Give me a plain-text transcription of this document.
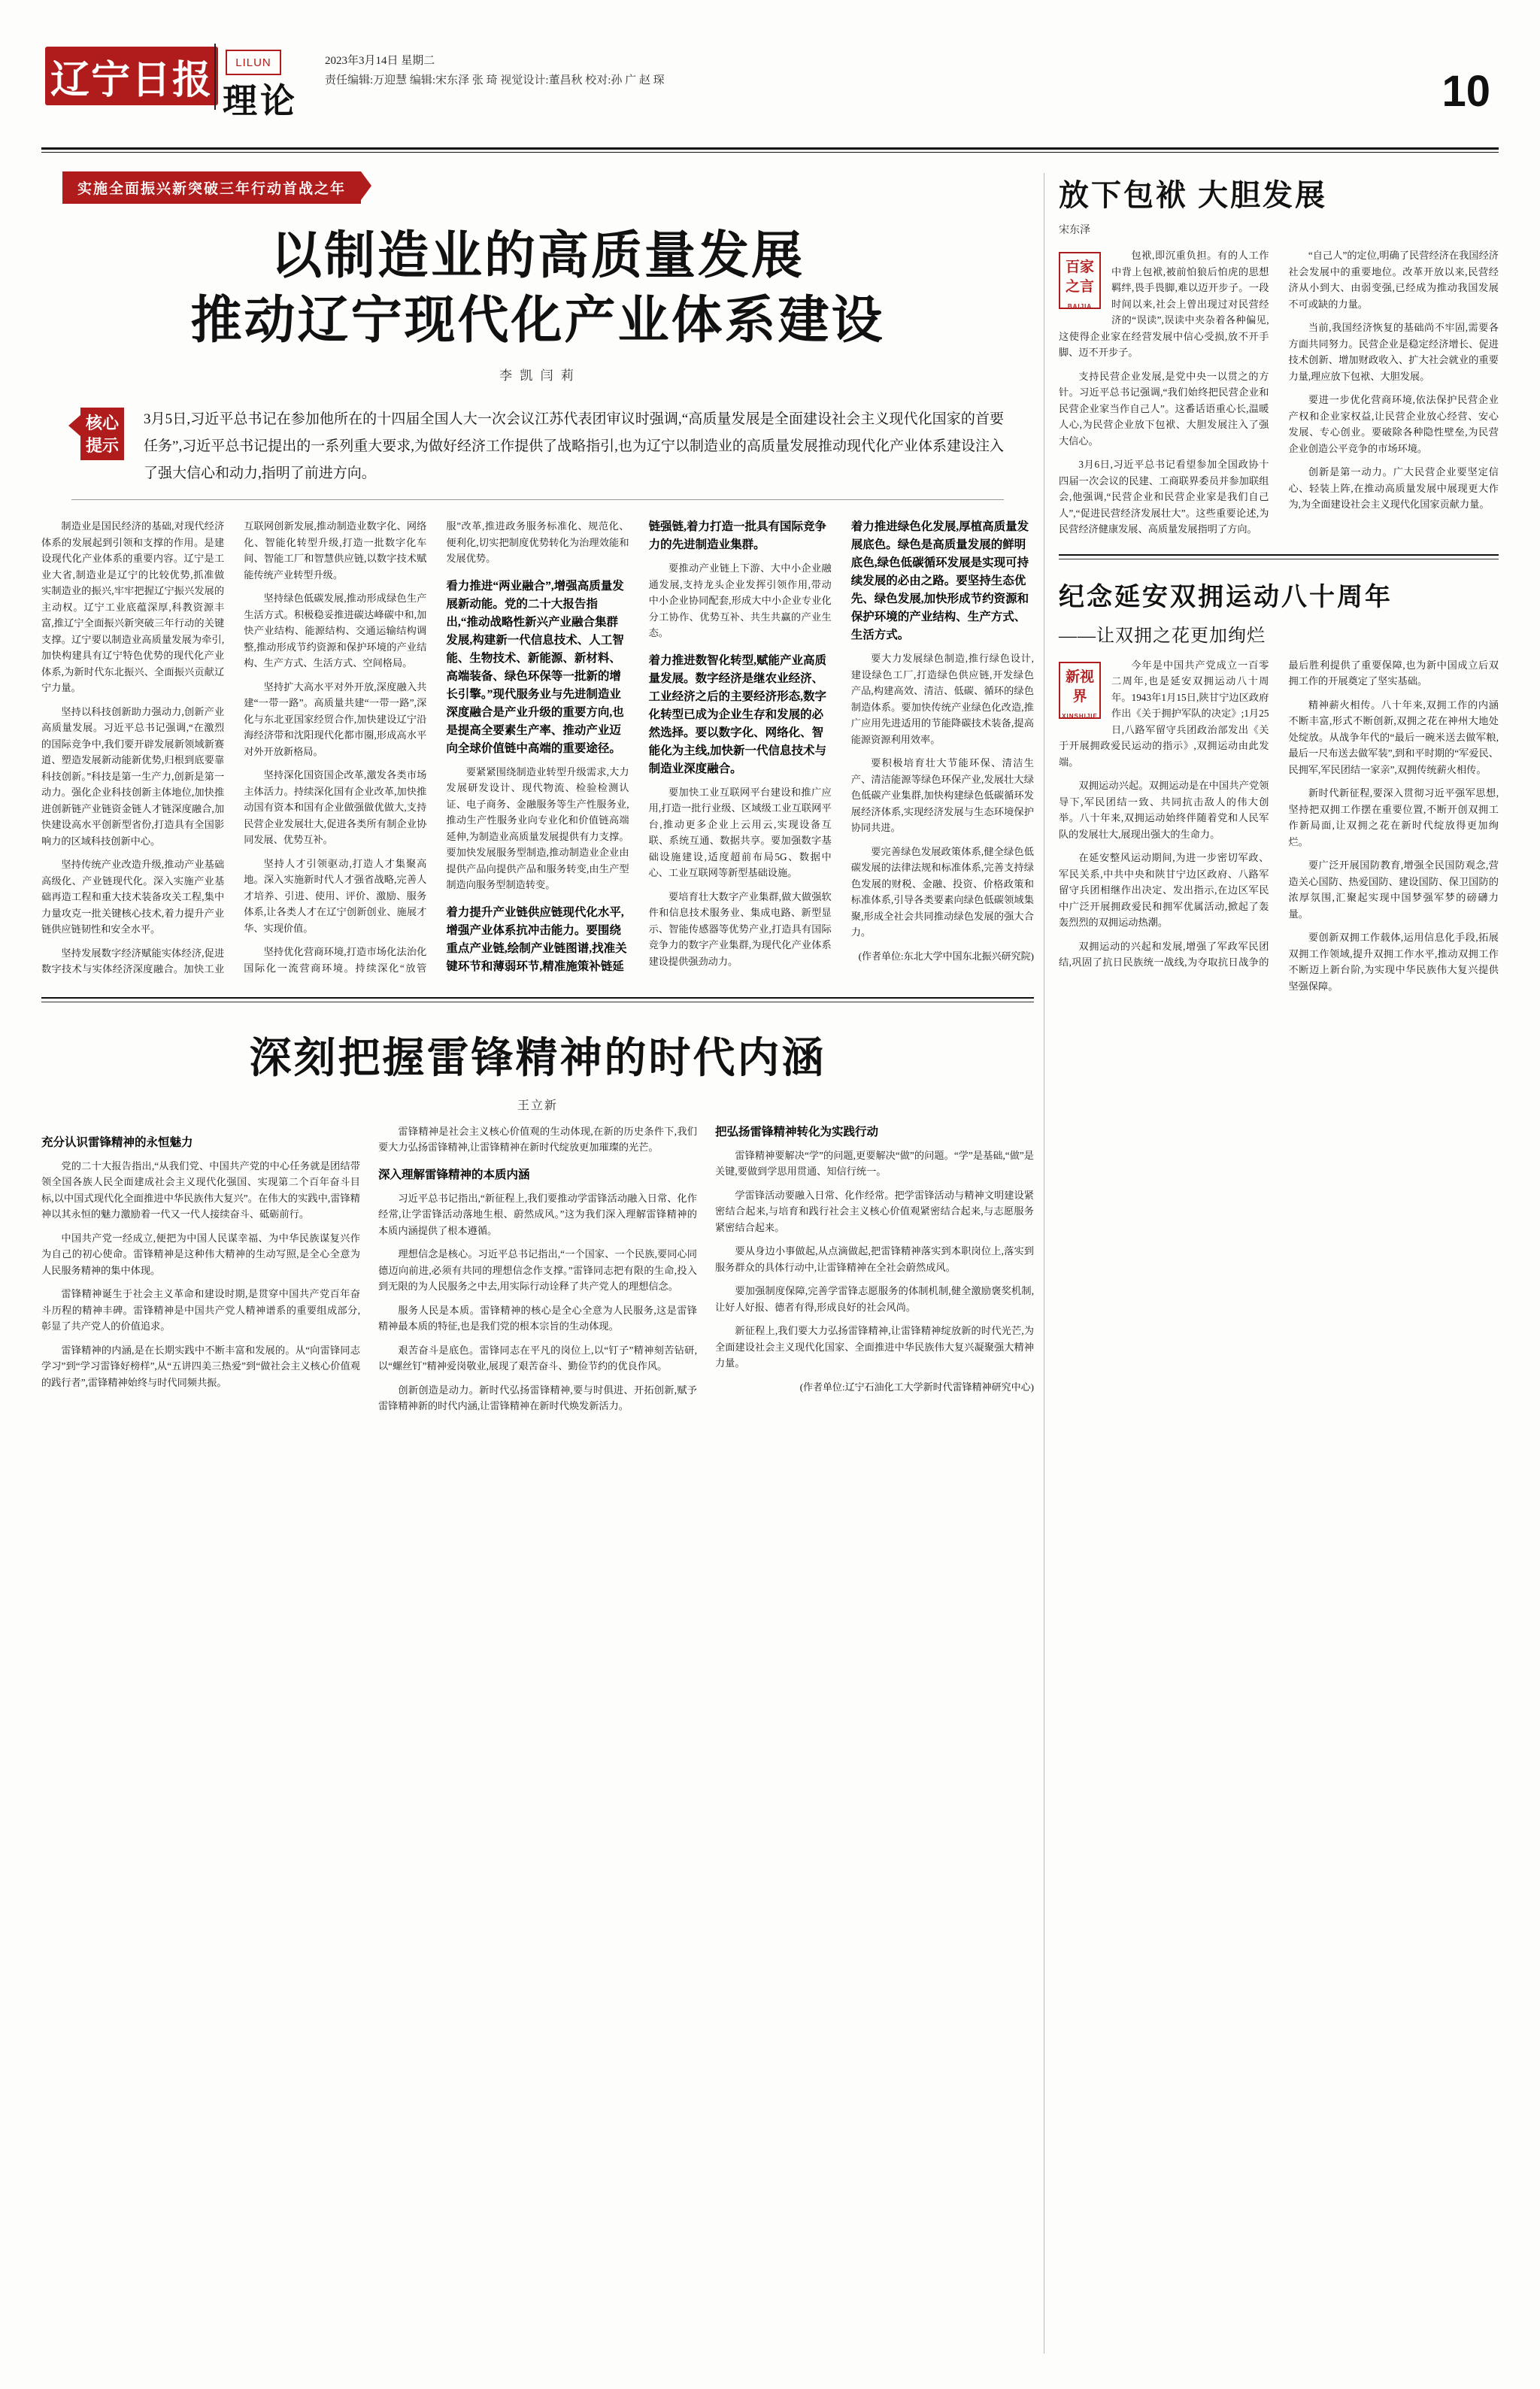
辽宁日报	LILUN
理论
2023年3月14日 星期二
责任编辑:万迎慧 编辑:宋东泽 张 琦 视觉设计:董昌秋 校对:孙 广 赵 琛	10
实施全面振兴新突破三年行动首战之年
以制造业的高质量发展
推动辽宁现代化产业体系建设
李 凯 闫 莉
核心提示

3月5日,习近平总书记在参加他所在的十四届全国人大一次会议江苏代表团审议时强调,“高质量发展是全面建设社会主义现代化国家的首要任务”,习近平总书记提出的一系列重大要求,为做好经济工作提供了战略指引,也为辽宁以制造业的高质量发展推动现代化产业体系建设注入了强大信心和动力,指明了前进方向。

制造业是国民经济的基础,对现代经济体系的发展起到引领和支撑的作用。是建设现代化产业体系的重要内容。辽宁是工业大省,制造业是辽宁的比较优势,抓准做实制造业的振兴,牢牢把握辽宁振兴发展的主动权。辽宁工业底蕴深厚,科教资源丰富,推辽宁全面振兴新突破三年行动的关键支撑。辽宁要以制造业高质量发展为牵引,加快构建具有辽宁特色优势的现代化产业体系,为新时代东北振兴、全面振兴贡献辽宁力量。

坚持以科技创新助力强动力,创新产业高质量发展。习近平总书记强调,“在激烈的国际竞争中,我们要开辟发展新领域新赛道、塑造发展新动能新优势,归根到底要靠科技创新。”科技是第一生产力,创新是第一动力。强化企业科技创新主体地位,加快推进创新链产业链资金链人才链深度融合,加快建设高水平创新型省份,打造具有全国影响力的区域科技创新中心。

坚持传统产业改造升级,推动产业基础高级化、产业链现代化。深入实施产业基础再造工程和重大技术装备攻关工程,集中力量攻克一批关键核心技术,着力提升产业链供应链韧性和安全水平。

坚持发展数字经济赋能实体经济,促进数字技术与实体经济深度融合。加快工业互联网创新发展,推动制造业数字化、网络化、智能化转型升级,打造一批数字化车间、智能工厂和智慧供应链,以数字技术赋能传统产业转型升级。

坚持绿色低碳发展,推动形成绿色生产生活方式。积极稳妥推进碳达峰碳中和,加快产业结构、能源结构、交通运输结构调整,推动形成节约资源和保护环境的产业结构、生产方式、生活方式、空间格局。

坚持扩大高水平对外开放,深度融入共建“一带一路”。高质量共建“一带一路”,深化与东北亚国家经贸合作,加快建设辽宁沿海经济带和沈阳现代化都市圈,形成高水平对外开放新格局。

坚持深化国资国企改革,激发各类市场主体活力。持续深化国有企业改革,加快推动国有资本和国有企业做强做优做大,支持民营企业发展壮大,促进各类所有制企业协同发展、优势互补。

坚持人才引领驱动,打造人才集聚高地。深入实施新时代人才强省战略,完善人才培养、引进、使用、评价、激励、服务体系,让各类人才在辽宁创新创业、施展才华、实现价值。

坚持优化营商环境,打造市场化法治化国际化一流营商环境。持续深化“放管服”改革,推进政务服务标准化、规范化、便利化,切实把制度优势转化为治理效能和发展优势。

看力推进“两业融合”,增强高质量发展新动能。党的二十大报告指出,“推动战略性新兴产业融合集群发展,构建新一代信息技术、人工智能、生物技术、新能源、新材料、高端装备、绿色环保等一批新的增长引擎。”现代服务业与先进制造业深度融合是产业升级的重要方向,也是提高全要素生产率、推动产业迈向全球价值链中高端的重要途径。

要紧紧围绕制造业转型升级需求,大力发展研发设计、现代物流、检验检测认证、电子商务、金融服务等生产性服务业,推动生产性服务业向专业化和价值链高端延伸,为制造业高质量发展提供有力支撑。要加快发展服务型制造,推动制造业企业由提供产品向提供产品和服务转变,由生产型制造向服务型制造转变。

着力提升产业链供应链现代化水平,增强产业体系抗冲击能力。要围绕重点产业链,绘制产业链图谱,找准关键环节和薄弱环节,精准施策补链延链强链,着力打造一批具有国际竞争力的先进制造业集群。

要推动产业链上下游、大中小企业融通发展,支持龙头企业发挥引领作用,带动中小企业协同配套,形成大中小企业专业化分工协作、优势互补、共生共赢的产业生态。

着力推进数智化转型,赋能产业高质量发展。数字经济是继农业经济、工业经济之后的主要经济形态,数字化转型已成为企业生存和发展的必然选择。要以数字化、网络化、智能化为主线,加快新一代信息技术与制造业深度融合。

要加快工业互联网平台建设和推广应用,打造一批行业级、区域级工业互联网平台,推动更多企业上云用云,实现设备互联、系统互通、数据共享。要加强数字基础设施建设,适度超前布局5G、数据中心、工业互联网等新型基础设施。

要培育壮大数字产业集群,做大做强软件和信息技术服务业、集成电路、新型显示、智能传感器等优势产业,打造具有国际竞争力的数字产业集群,为现代化产业体系建设提供强劲动力。

着力推进绿色化发展,厚植高质量发展底色。绿色是高质量发展的鲜明底色,绿色低碳循环发展是实现可持续发展的必由之路。要坚持生态优先、绿色发展,加快形成节约资源和保护环境的产业结构、生产方式、生活方式。

要大力发展绿色制造,推行绿色设计,建设绿色工厂,打造绿色供应链,开发绿色产品,构建高效、清洁、低碳、循环的绿色制造体系。要加快传统产业绿色化改造,推广应用先进适用的节能降碳技术装备,提高能源资源利用效率。

要积极培育壮大节能环保、清洁生产、清洁能源等绿色环保产业,发展壮大绿色低碳产业集群,加快构建绿色低碳循环发展经济体系,实现经济发展与生态环境保护协同共进。

要完善绿色发展政策体系,健全绿色低碳发展的法律法规和标准体系,完善支持绿色发展的财税、金融、投资、价格政策和标准体系,引导各类要素向绿色低碳领域集聚,形成全社会共同推动绿色发展的强大合力。

(作者单位:东北大学中国东北振兴研究院)
深刻把握雷锋精神的时代内涵
王立新
充分认识雷锋精神的永恒魅力

党的二十大报告指出,“从我们党、中国共产党的中心任务就是团结带领全国各族人民全面建成社会主义现代化强国、实现第二个百年奋斗目标,以中国式现代化全面推进中华民族伟大复兴”。在伟大的实践中,雷锋精神以其永恒的魅力激励着一代又一代人接续奋斗、砥砺前行。

中国共产党一经成立,便把为中国人民谋幸福、为中华民族谋复兴作为自己的初心使命。雷锋精神是这种伟大精神的生动写照,是全心全意为人民服务精神的集中体现。

雷锋精神诞生于社会主义革命和建设时期,是贯穿中国共产党百年奋斗历程的精神丰碑。雷锋精神是中国共产党人精神谱系的重要组成部分,彰显了共产党人的价值追求。

雷锋精神的内涵,是在长期实践中不断丰富和发展的。从“向雷锋同志学习”到“学习雷锋好榜样”,从“五讲四美三热爱”到“做社会主义核心价值观的践行者”,雷锋精神始终与时代同频共振。

雷锋精神是社会主义核心价值观的生动体现,在新的历史条件下,我们要大力弘扬雷锋精神,让雷锋精神在新时代绽放更加璀璨的光芒。

深入理解雷锋精神的本质内涵

习近平总书记指出,“新征程上,我们要推动学雷锋活动融入日常、化作经常,让学雷锋活动落地生根、蔚然成风。”这为我们深入理解雷锋精神的本质内涵提供了根本遵循。

理想信念是核心。习近平总书记指出,“一个国家、一个民族,要同心同德迈向前进,必须有共同的理想信念作支撑。”雷锋同志把有限的生命,投入到无限的为人民服务之中去,用实际行动诠释了共产党人的理想信念。

服务人民是本质。雷锋精神的核心是全心全意为人民服务,这是雷锋精神最本质的特征,也是我们党的根本宗旨的生动体现。

艰苦奋斗是底色。雷锋同志在平凡的岗位上,以“钉子”精神刻苦钻研,以“螺丝钉”精神爱岗敬业,展现了艰苦奋斗、勤俭节约的优良作风。

创新创造是动力。新时代弘扬雷锋精神,要与时俱进、开拓创新,赋予雷锋精神新的时代内涵,让雷锋精神在新时代焕发新活力。

把弘扬雷锋精神转化为实践行动

雷锋精神要解决“学”的问题,更要解决“做”的问题。“学”是基础,“做”是关键,要做到学思用贯通、知信行统一。

学雷锋活动要融入日常、化作经常。把学雷锋活动与精神文明建设紧密结合起来,与培育和践行社会主义核心价值观紧密结合起来,与志愿服务紧密结合起来。

要从身边小事做起,从点滴做起,把雷锋精神落实到本职岗位上,落实到服务群众的具体行动中,让雷锋精神在全社会蔚然成风。

要加强制度保障,完善学雷锋志愿服务的体制机制,健全激励褒奖机制,让好人好报、德者有得,形成良好的社会风尚。

新征程上,我们要大力弘扬雷锋精神,让雷锋精神绽放新的时代光芒,为全面建设社会主义现代化国家、全面推进中华民族伟大复兴凝聚强大精神力量。

(作者单位:辽宁石油化工大学新时代雷锋精神研究中心)
放下包袱 大胆发展
宋东泽
百家之言
BAIJIA

包袱,即沉重负担。有的人工作中背上包袱,被前怕狼后怕虎的思想羁绊,畏手畏脚,难以迈开步子。一段时间以来,社会上曾出现过对民营经济的“误读”,误读中夹杂着各种偏见,这使得企业家在经营发展中信心受损,放不开手脚、迈不开步子。

支持民营企业发展,是党中央一以贯之的方针。习近平总书记强调,“我们始终把民营企业和民营企业家当作自己人”。这番话语重心长,温暖人心,为民营企业放下包袱、大胆发展注入了强大信心。

3月6日,习近平总书记看望参加全国政协十四届一次会议的民建、工商联界委员并参加联组会,他强调,“民营企业和民营企业家是我们自己人”,“促进民营经济发展壮大”。这些重要论述,为民营经济健康发展、高质量发展指明了方向。

“自己人”的定位,明确了民营经济在我国经济社会发展中的重要地位。改革开放以来,民营经济从小到大、由弱变强,已经成为推动我国发展不可或缺的力量。

当前,我国经济恢复的基础尚不牢固,需要各方面共同努力。民营企业是稳定经济增长、促进技术创新、增加财政收入、扩大社会就业的重要力量,理应放下包袱、大胆发展。

要进一步优化营商环境,依法保护民营企业产权和企业家权益,让民营企业放心经营、安心发展、专心创业。要破除各种隐性壁垒,为民营企业创造公平竞争的市场环境。

创新是第一动力。广大民营企业要坚定信心、轻装上阵,在推动高质量发展中展现更大作为,为全面建设社会主义现代化国家贡献力量。

纪念延安双拥运动八十周年
——让双拥之花更加绚烂
新视界
XINSHIJIE

今年是中国共产党成立一百零二周年,也是延安双拥运动八十周年。1943年1月15日,陕甘宁边区政府作出《关于拥护军队的决定》;1月25日,八路军留守兵团政治部发出《关于开展拥政爱民运动的指示》,双拥运动由此发端。

双拥运动兴起。双拥运动是在中国共产党领导下,军民团结一致、共同抗击敌人的伟大创举。八十年来,双拥运动始终伴随着党和人民军队的发展壮大,展现出强大的生命力。

在延安整风运动期间,为进一步密切军政、军民关系,中共中央和陕甘宁边区政府、八路军留守兵团相继作出决定、发出指示,在边区军民中广泛开展拥政爱民和拥军优属活动,掀起了轰轰烈烈的双拥运动热潮。

双拥运动的兴起和发展,增强了军政军民团结,巩固了抗日民族统一战线,为夺取抗日战争的最后胜利提供了重要保障,也为新中国成立后双拥工作的开展奠定了坚实基础。

精神薪火相传。八十年来,双拥工作的内涵不断丰富,形式不断创新,双拥之花在神州大地处处绽放。从战争年代的“最后一碗米送去做军粮,最后一尺布送去做军装”,到和平时期的“军爱民、民拥军,军民团结一家亲”,双拥传统薪火相传。

新时代新征程,要深入贯彻习近平强军思想,坚持把双拥工作摆在重要位置,不断开创双拥工作新局面,让双拥之花在新时代绽放得更加绚烂。

要广泛开展国防教育,增强全民国防观念,营造关心国防、热爱国防、建设国防、保卫国防的浓厚氛围,汇聚起实现中国梦强军梦的磅礴力量。

要创新双拥工作载体,运用信息化手段,拓展双拥工作领域,提升双拥工作水平,推动双拥工作不断迈上新台阶,为实现中华民族伟大复兴提供坚强保障。
